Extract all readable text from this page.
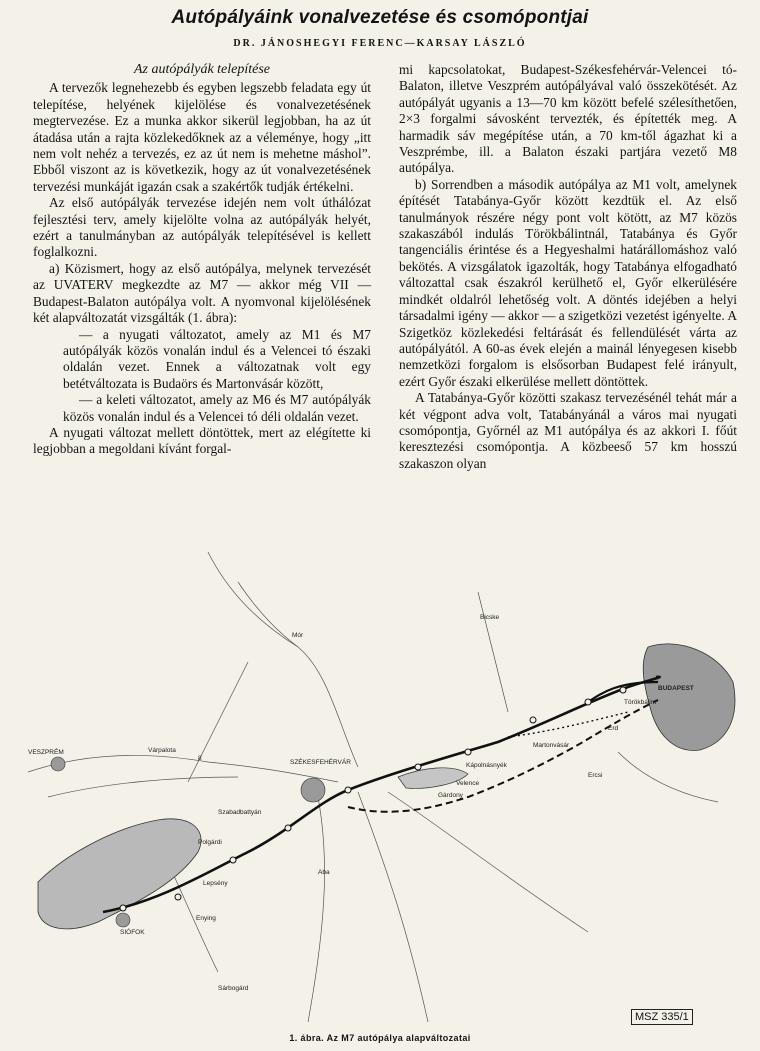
Autópályáink vonalvezetése és csomópontjai
DR. JÁNOSHEGYI FERENC—KARSAY LÁSZLÓ
Az autópályák telepítése

A tervezők legnehezebb és egyben legszebb feladata egy út telepítése, helyének kijelölése és vonalvezetésének megtervezése. Ez a munka akkor sikerül legjobban, ha az út átadása után a rajta közlekedőknek az a véleménye, hogy „itt nem volt nehéz a tervezés, ez az út nem is mehetne máshol”. Ebből viszont az is következik, hogy az út vonalvezetésének tervezési munkáját igazán csak a szakértők tudják értékelni.

Az első autópályák tervezése idején nem volt úthálózat fejlesztési terv, amely kijelölte volna az autópályák helyét, ezért a tanulmányban az autópályák telepítésével is kellett foglalkozni.

a) Közismert, hogy az első autópálya, melynek tervezését az UVATERV megkezdte az M7 — akkor még VII — Budapest-Balaton autópálya volt. A nyomvonal kijelölésének két alapváltozatát vizsgálták (1. ábra):

— a nyugati változatot, amely az M1 és M7 autópályák közös vonalán indul és a Velencei tó északi oldalán vezet. Ennek a változatnak volt egy betétváltozata is Budaörs és Martonvásár között,

— a keleti változatot, amely az M6 és M7 autópályák közös vonalán indul és a Velencei tó déli oldalán vezet.

A nyugati változat mellett döntöttek, mert az elégítette ki legjobban a megoldani kívánt forgal-

mi kapcsolatokat, Budapest-Székesfehérvár-Velencei tó-Balaton, illetve Veszprém autópályával való összekötését. Az autópályát ugyanis a 13—70 km között befelé szélesíthetően, 2×3 forgalmi sávosként tervezték, és építették meg. A harmadik sáv megépítése után, a 70 km-től ágazhat ki a Veszprémbe, ill. a Balaton északi partjára vezető M8 autópálya.

b) Sorrendben a második autópálya az M1 volt, amelynek építését Tatabánya-Győr között kezdtük el. Az első tanulmányok részére négy pont volt kötött, az M7 közös szakaszából indulás Törökbálintnál, Tatabánya és Győr tangenciális érintése és a Hegyeshalmi határállomáshoz való bekötés. A vizsgálatok igazolták, hogy Tatabánya elfogadható változattal csak északról kerülhető el, Győr elkerülésére mindkét oldalról lehetőség volt. A döntés idejében a helyi társadalmi igény — akkor — a szigetközi vezetést igényelte. A Szigetköz közlekedési feltárását és fellendülését várta az autópályától. A 60-as évek elején a mainál lényegesen kisebb nemzetközi forgalom is elsősorban Budapest felé irányult, ezért Győr északi elkerülése mellett döntöttek.

A Tatabánya-Győr közötti szakasz tervezésénél tehát már a két végpont adva volt, Tatabányánál a város mai nyugati csomópontja, Győrnél az M1 autópálya és az akkori I. főút keresztezési csomópontja. A közbeeső 57 km hosszú szakaszon olyan

8
BUDAPEST
VESZPRÉM
SZÉKESFEHÉRVÁR
SIÓFOK
Várpalota
Mór
Bicske
Polgárdi
Szabadbattyán
Lepsény
Enying
Aba
Sárbogárd
Törökbálint
Érd
Martonvásár
Ercsi
Kápolnásnyék
Gárdony
Velence
MSZ 335/1
1. ábra. Az M7 autópálya alapváltozatai
